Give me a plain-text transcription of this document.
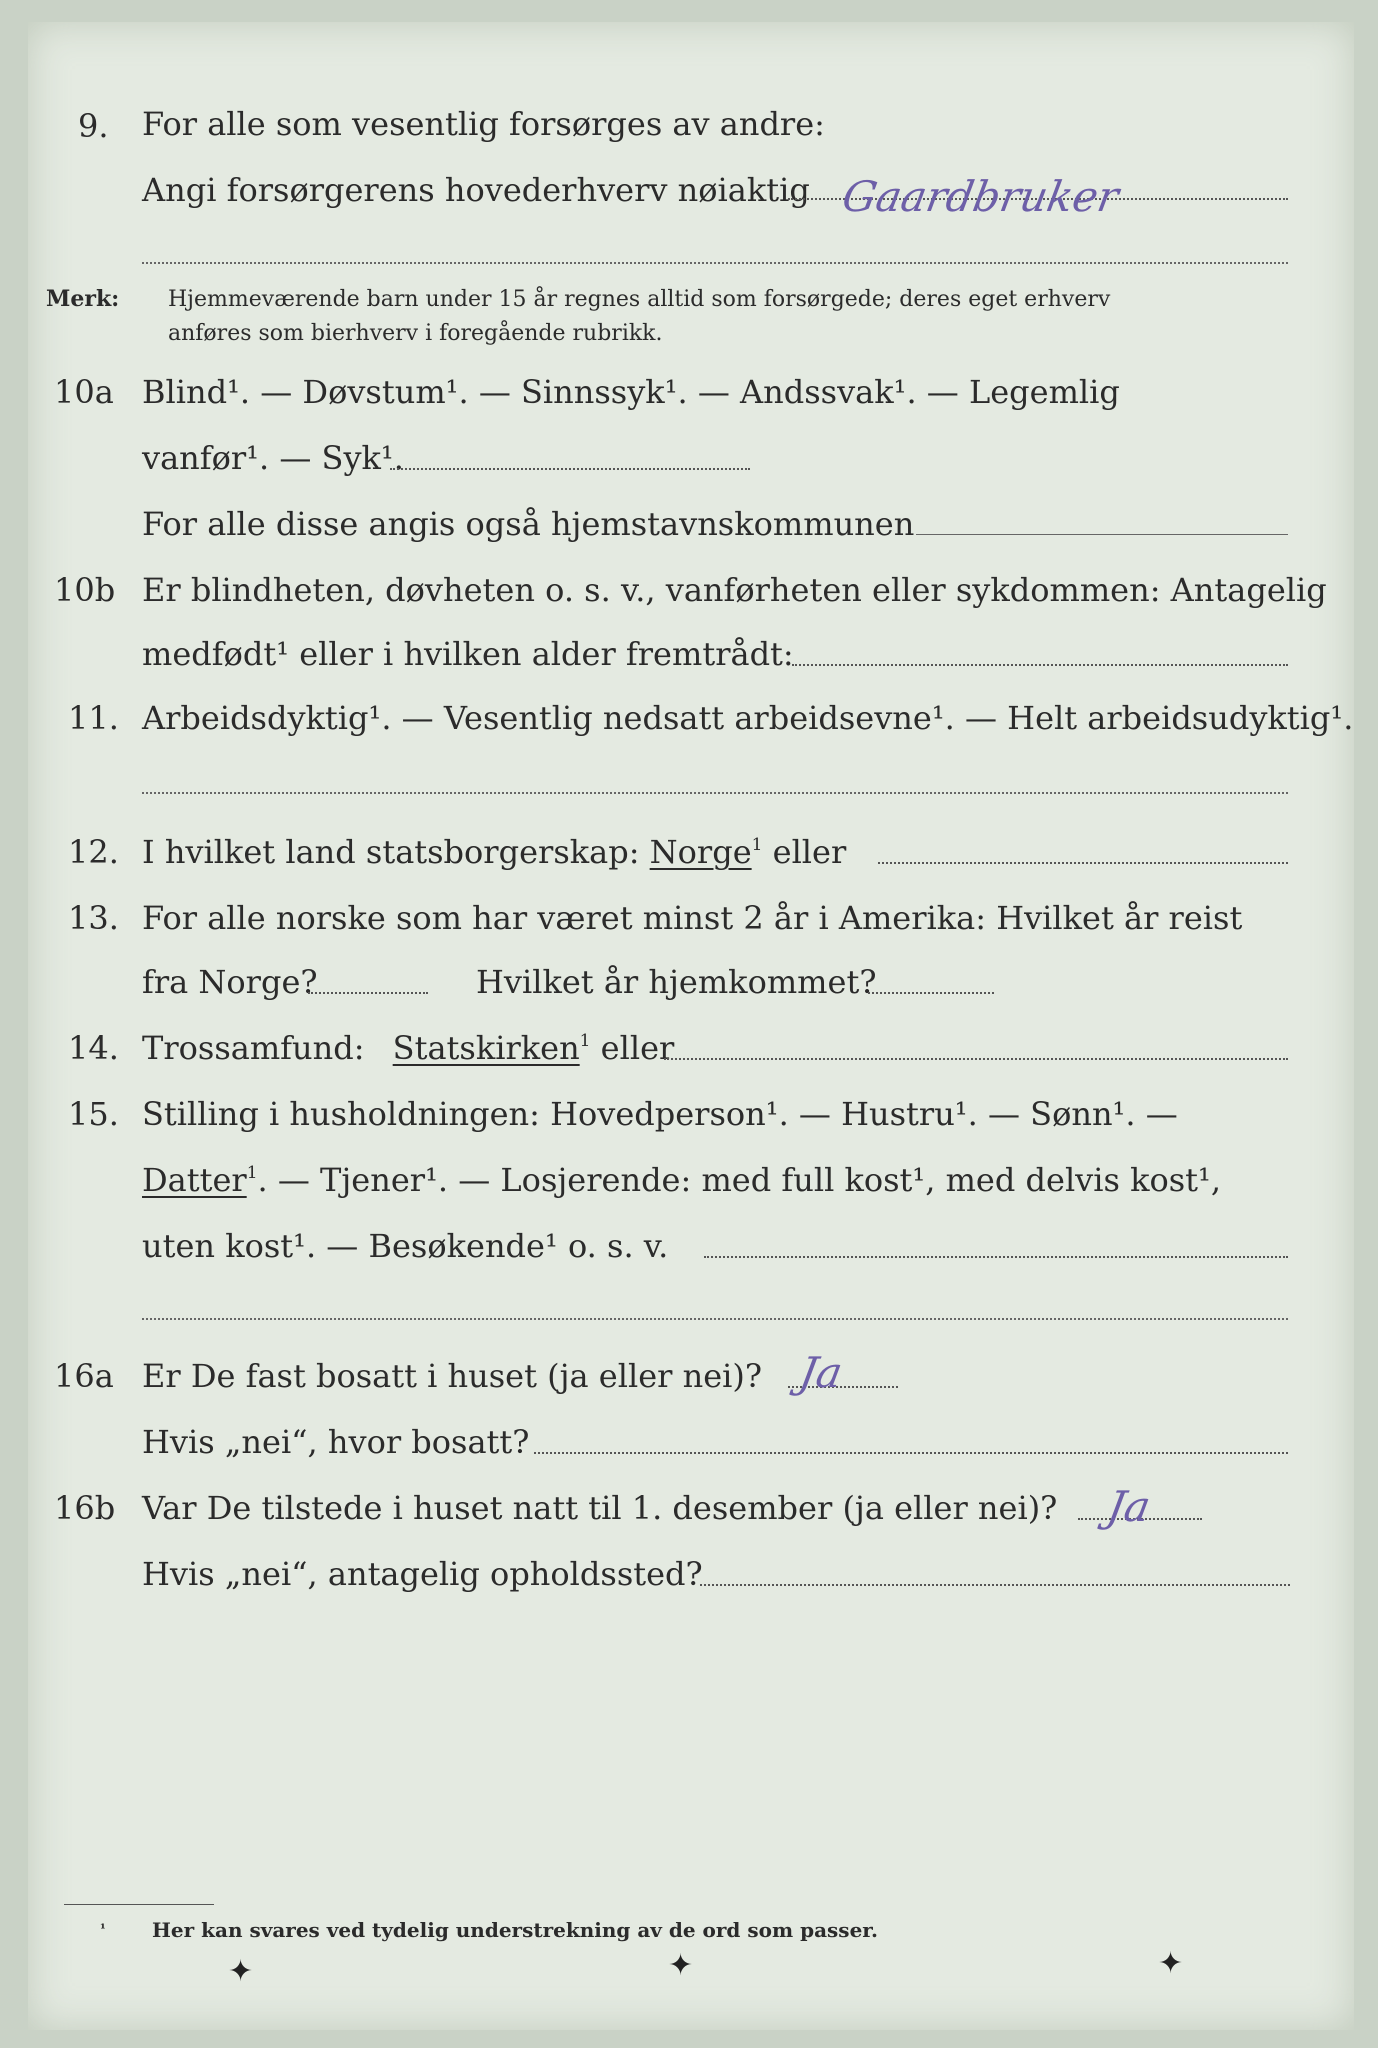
9. For alle som vesentlig forsørges av andre:
Angi forsørgerens hovederhverv nøiaktig Gaardbruker
Merk: Hjemmeværende barn under 15 år regnes alltid som forsørgede; deres eget erhverv
anføres som bierhverv i foregående rubrikk.
10a Blind¹. — Døvstum¹. — Sinnssyk¹. — Andssvak¹. — Legemlig
vanfør¹. — Syk¹.
For alle disse angis også hjemstavnskommunen
10b Er blindheten, døvheten o. s. v., vanførheten eller sykdommen: Antagelig
medfødt¹ eller i hvilken alder fremtrådt:
11. Arbeidsdyktig¹. — Vesentlig nedsatt arbeidsevne¹. — Helt arbeidsudyktig¹.
12. I hvilket land statsborgerskap: Norge$^1$ eller
13. For alle norske som har været minst 2 år i Amerika: Hvilket år reist
fra Norge?	Hvilket år hjemkommet?
14. Trossamfund: Statskirken$^1$ eller
15. Stilling i husholdningen: Hovedperson¹. — Hustru¹. — Sønn¹. —
Datter$^1$. — Tjener¹. — Losjerende: med full kost¹, med delvis kost¹,
uten kost¹. — Besøkende¹ o. s. v.
16a Er De fast bosatt i huset (ja eller nei)? Ja
Hvis „nei“, hvor bosatt?
16b Var De tilstede i huset natt til 1. desember (ja eller nei)? Ja
Hvis „nei“, antagelig opholdssted?
¹ Her kan svares ved tydelig understrekning av de ord som passer.
✦	✦	✦
